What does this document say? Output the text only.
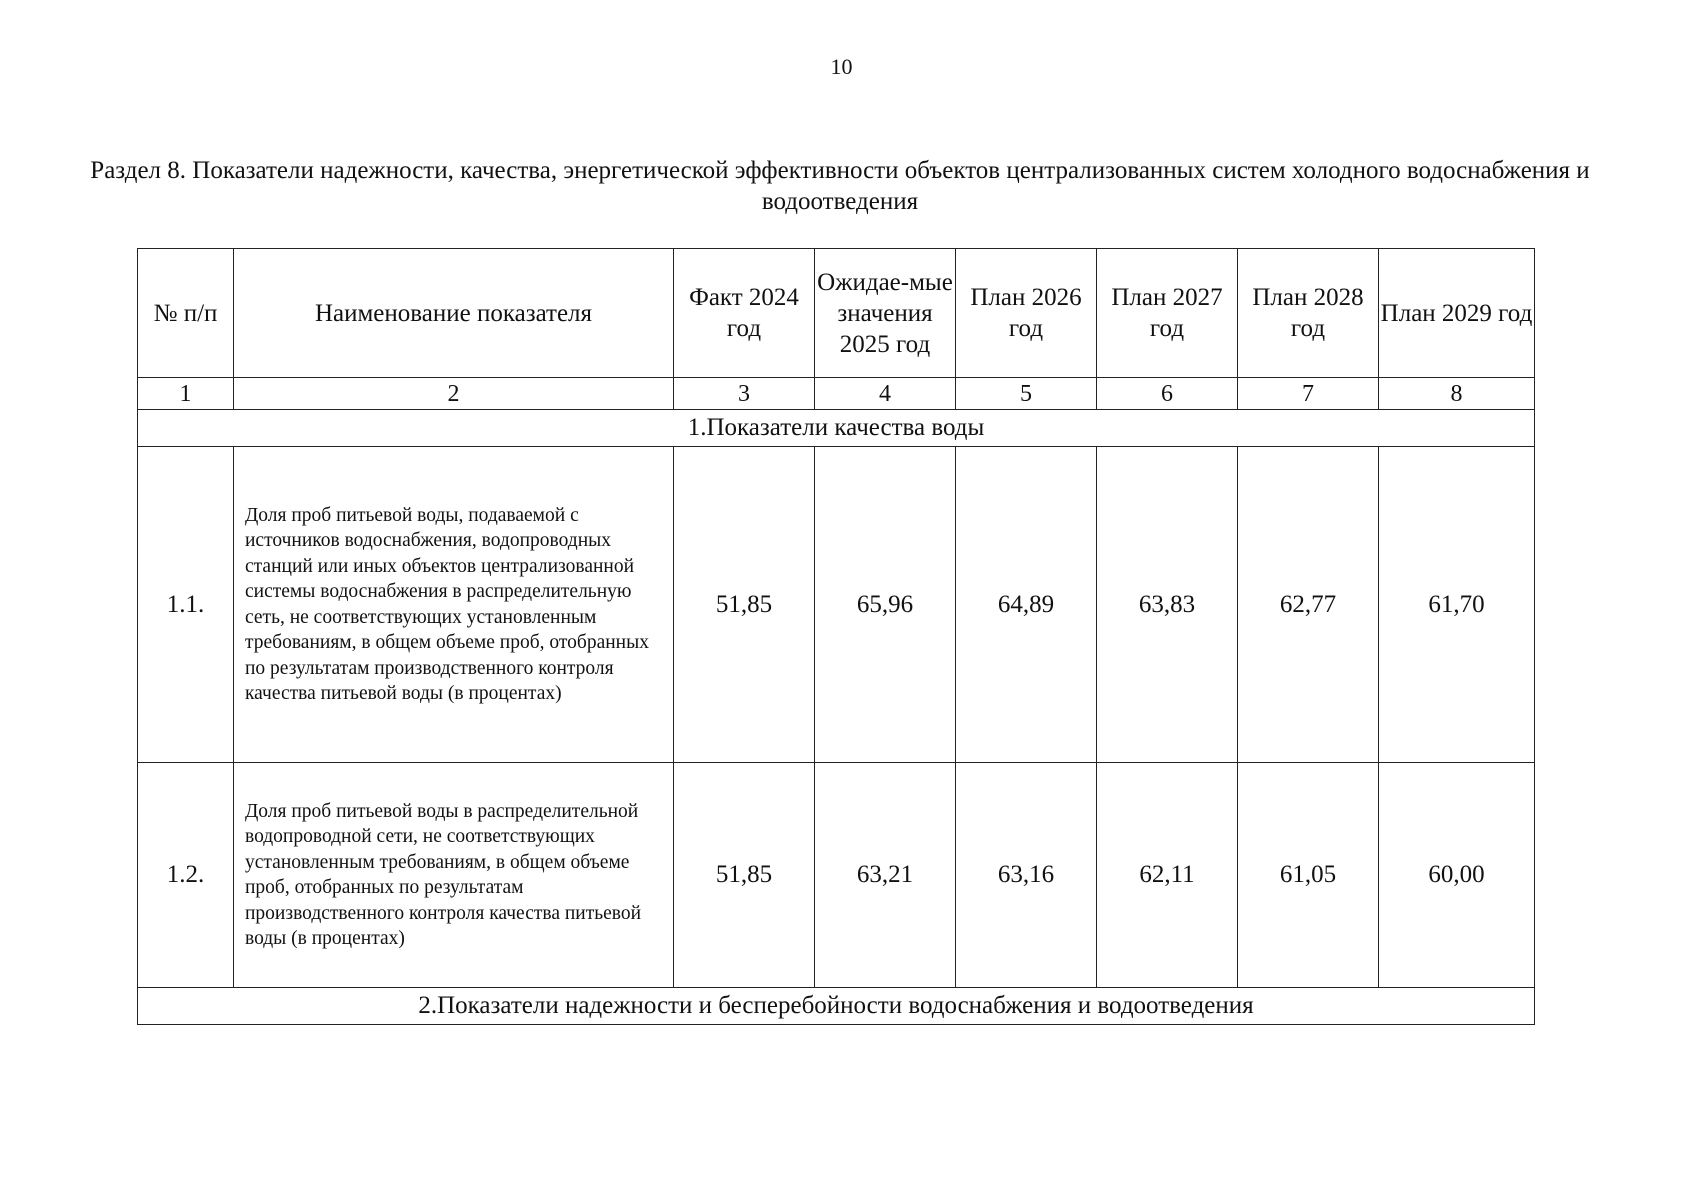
10
Раздел 8. Показатели надежности, качества, энергетической эффективности объектов централизованных систем холодного водоснабжения и водоотведения
№ п/п	Наименование показателя	Факт 2024 год	Ожидае-мые значения 2025 год	План 2026 год	План 2027 год	План 2028 год	План 2029 год
1	2	3	4	5	6	7	8
1.Показатели качества воды							
1.1.	Доля проб питьевой воды, подаваемой с источников водоснабжения, водопроводных станций или иных объектов централизованной системы водоснабжения в распределительную сеть, не соответствующих установленным требованиям, в общем объеме проб, отобранных по результатам производственного контроля качества питьевой воды (в процентах)	51,85	65,96	64,89	63,83	62,77	61,70
1.2.	Доля проб питьевой воды в распределительной водопроводной сети, не соответствующих установленным требованиям, в общем объеме проб, отобранных по результатам производственного контроля качества питьевой воды (в процентах)	51,85	63,21	63,16	62,11	61,05	60,00
2.Показатели надежности и бесперебойности водоснабжения и водоотведения							
